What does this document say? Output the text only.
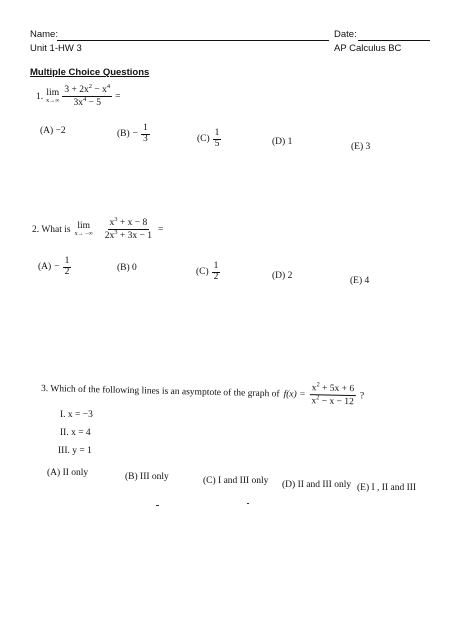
Name:	Date:
Unit 1-HW 3	AP Calculus BC
Multiple Choice Questions
1. lim
$x\to\infty \frac{3 + 2x^2 - x^4}{3x^4 - 5}$ =
(A) −2	$(B) - \frac{1}{3}$	$(C) \frac{1}{5}$	(D) 1	(E) 3
2. What is lim
x→ −∞ $\frac{x^3 + x - 8}{2x^3 + 3x - 1}$ =
$(A) - \frac{1}{2}$	(B) 0	$(C) \frac{1}{2}$	(D) 2	(E) 4
3. Which of the following lines is an asymptote of the graph of $f(x) = \frac{x^2 + 5x + 6}{x^2 - x - 12}$ ?
I. x = −3
II. x = 4
III. y = 1
(A) II only	(B) III only	(C) I and III only (D) II and III only (E) I , II and III
